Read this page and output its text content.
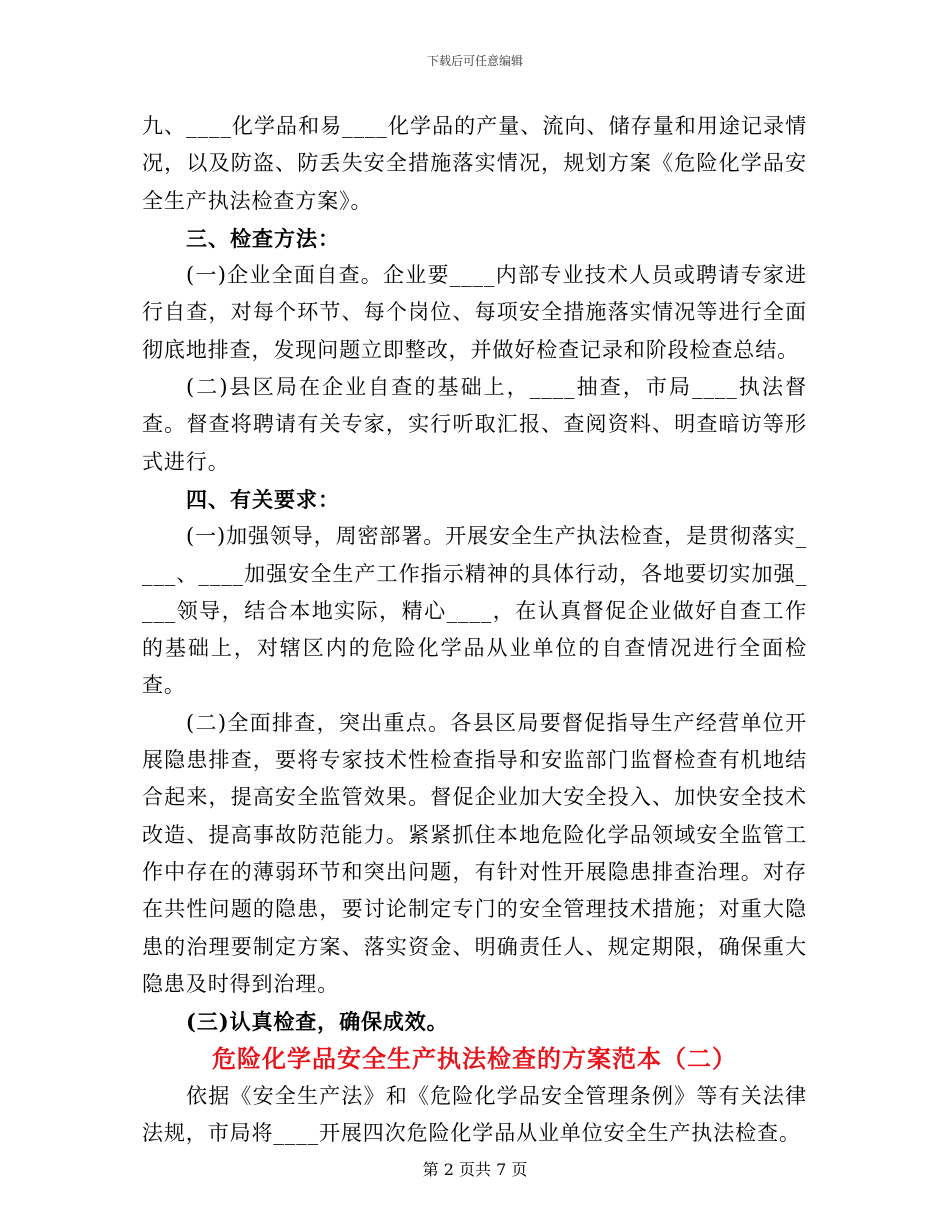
下载后可任意编辑

九、____化学品和易____化学品的产量、流向、储存量和用途记录情况，以及防盗、防丢失安全措施落实情况，规划方案《危险化学品安全生产执法检查方案》。

三、检查方法：

(一)企业全面自查。企业要____内部专业技术人员或聘请专家进行自查，对每个环节、每个岗位、每项安全措施落实情况等进行全面彻底地排查，发现问题立即整改，并做好检查记录和阶段检查总结。

(二)县区局在企业自查的基础上，____抽查，市局____执法督查。督查将聘请有关专家，实行听取汇报、查阅资料、明查暗访等形式进行。

四、有关要求：

(一)加强领导，周密部署。开展安全生产执法检查，是贯彻落实____、____加强安全生产工作指示精神的具体行动，各地要切实加强____领导，结合本地实际，精心____，在认真督促企业做好自查工作的基础上，对辖区内的危险化学品从业单位的自查情况进行全面检查。

(二)全面排查，突出重点。各县区局要督促指导生产经营单位开展隐患排查，要将专家技术性检查指导和安监部门监督检查有机地结合起来，提高安全监管效果。督促企业加大安全投入、加快安全技术改造、提高事故防范能力。紧紧抓住本地危险化学品领域安全监管工作中存在的薄弱环节和突出问题，有针对性开展隐患排查治理。对存在共性问题的隐患，要讨论制定专门的安全管理技术措施；对重大隐患的治理要制定方案、落实资金、明确责任人、规定期限，确保重大隐患及时得到治理。

(三)认真检查，确保成效。

危险化学品安全生产执法检查的方案范本（二）

依据《安全生产法》和《危险化学品安全管理条例》等有关法律法规，市局将____开展四次危险化学品从业单位安全生产执法检查。

第 2 页共 7 页
